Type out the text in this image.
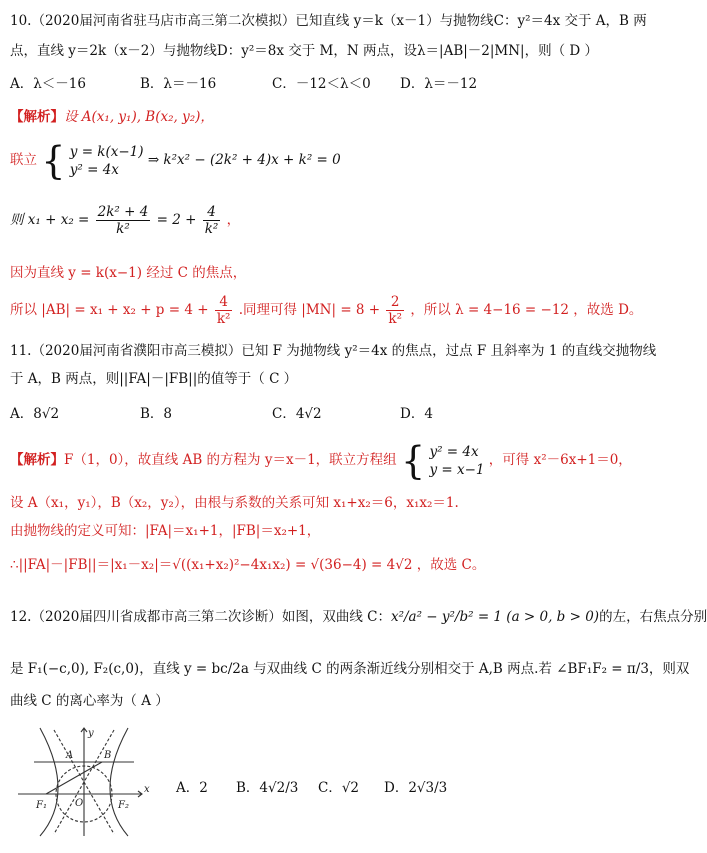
10.（2020届河南省驻马店市高三第二次模拟）已知直线 y＝k（x－1）与抛物线C：y²＝4x 交于 A，B 两
点，直线 y＝2k（x－2）与抛物线D：y²＝8x 交于 M，N 两点，设λ＝|AB|－2|MN|，则（ D ）
A．λ＜－16	B．λ＝－16	C．－12＜λ＜0 D．λ＝－12
【解析】设 A(x₁, y₁), B(x₂, y₂)，
联立 { y = k(x−1)
y² = 4x
⇒ k²x² − (2k² + 4)x + k² = 0
则 $x_1 + x_2 = \frac{\text{2k² + 4}}{\text{k²}} = 2 + \frac{4}{\text{k²}}$ ，
因为直线 y = k(x−1) 经过 C 的焦点，
所以 $|AB| = x_1 + x_2 + p = 4 + \frac{4}{\text{k²}}$ .同理可得 $|MN| = 8 + \frac{2}{\text{k²}}$ ，所以 λ = 4−16 = −12 ，故选 D。
11.（2020届河南省濮阳市高三模拟）已知 F 为抛物线 y²＝4x 的焦点，过点 F 且斜率为 1 的直线交抛物线
于 A，B 两点，则||FA|－|FB||的值等于（ C ）
A．8√2	B．8	C．4√2	D．4
【解析】F（1，0），故直线 AB 的方程为 y＝x－1，联立方程组 { y² = 4x
y = x−1
，可得 x²－6x+1＝0，
设 A（x₁，y₁），B（x₂，y₂），由根与系数的关系可知 x₁+x₂＝6，x₁x₂＝1.
由抛物线的定义可知：|FA|＝x₁+1，|FB|＝x₂+1，
∴||FA|－|FB||＝|x₁－x₂|＝√((x₁+x₂)²−4x₁x₂) = √(36−4) = 4√2 ，故选 C。
12.（2020届四川省成都市高三第二次诊断）如图，双曲线 C：x²/a² − y²/b² = 1 (a > 0, b > 0)的左，右焦点分别
是 F₁(−c,0), F₂(c,0)，直线 y = bc/2a 与双曲线 C 的两条渐近线分别相交于 A,B 两点.若 ∠BF₁F₂ = π/3，则双
曲线 C 的离心率为（ A ）
y
x
A	B
O
F₁	F₂
A．2 B．4√2/3 C．√2 D．2√3/3
